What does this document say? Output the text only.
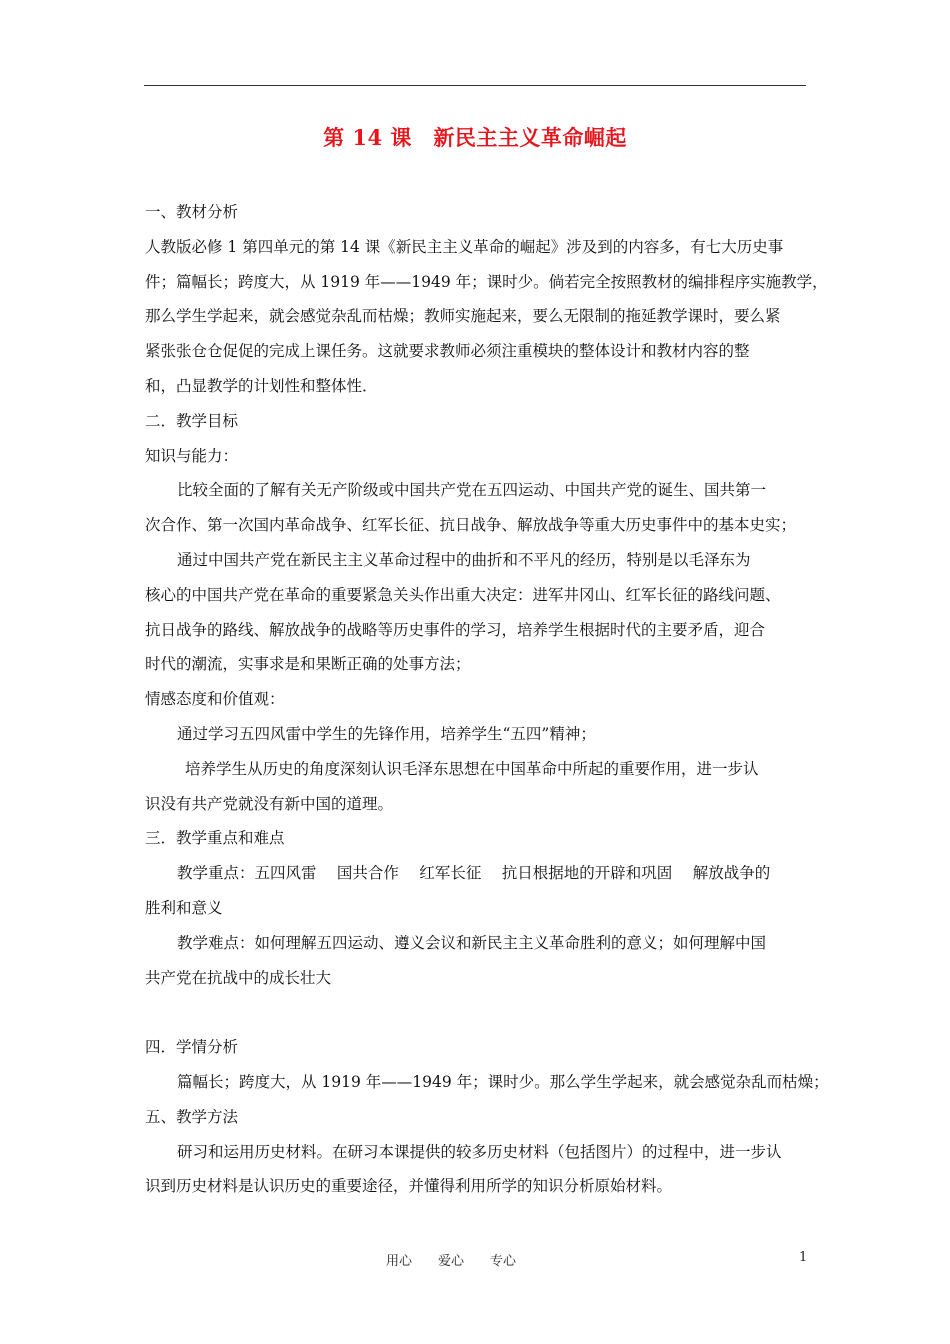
第 14 课　新民主主义革命崛起
一、教材分析
人教版必修 1 第四单元的第 14 课《新民主主义革命的崛起》涉及到的内容多，有七大历史事
件；篇幅长；跨度大，从 1919 年——1949 年；课时少。倘若完全按照教材的编排程序实施教学，
那么学生学起来，就会感觉杂乱而枯燥；教师实施起来，要么无限制的拖延教学课时，要么紧
紧张张仓仓促促的完成上课任务。这就要求教师必须注重模块的整体设计和教材内容的整
和，凸显教学的计划性和整体性．
二．教学目标
知识与能力：
比较全面的了解有关无产阶级或中国共产党在五四运动、中国共产党的诞生、国共第一
次合作、第一次国内革命战争、红军长征、抗日战争、解放战争等重大历史事件中的基本史实；
通过中国共产党在新民主主义革命过程中的曲折和不平凡的经历，特别是以毛泽东为
核心的中国共产党在革命的重要紧急关头作出重大决定：进军井冈山、红军长征的路线问题、
抗日战争的路线、解放战争的战略等历史事件的学习，培养学生根据时代的主要矛盾，迎合
时代的潮流，实事求是和果断正确的处事方法；
情感态度和价值观：
通过学习五四风雷中学生的先锋作用，培养学生“五四”精神；
培养学生从历史的角度深刻认识毛泽东思想在中国革命中所起的重要作用，进一步认
识没有共产党就没有新中国的道理。
三．教学重点和难点
教学重点：五四风雷　 国共合作　 红军长征　 抗日根据地的开辟和巩固　 解放战争的
胜利和意义
教学难点：如何理解五四运动、遵义会议和新民主主义革命胜利的意义；如何理解中国
共产党在抗战中的成长壮大
四．学情分析
篇幅长；跨度大，从 1919 年——1949 年；课时少。那么学生学起来，就会感觉杂乱而枯燥；
五、教学方法
研习和运用历史材料。在研习本课提供的较多历史材料（包括图片）的过程中，进一步认
识到历史材料是认识历史的重要途径，并懂得利用所学的知识分析原始材料。
用心　　爱心　　专心	1
